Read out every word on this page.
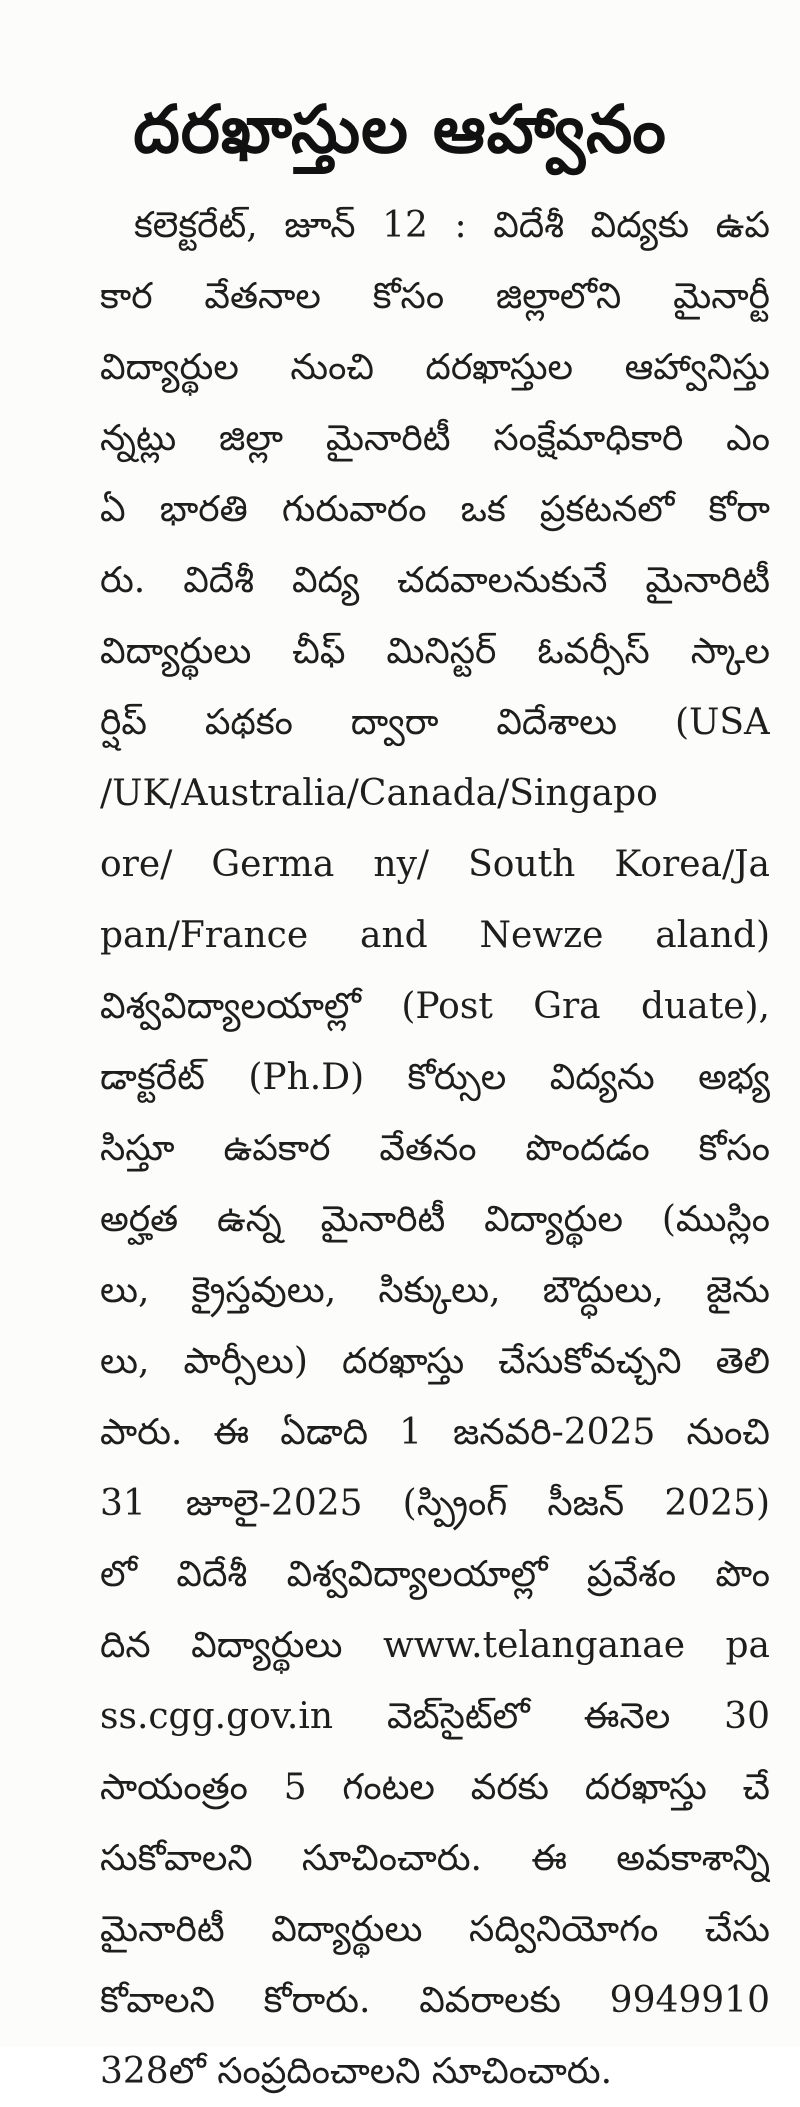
దరఖాస్తుల ఆహ్వానం
కలెక్టరేట్, జూన్ 12 : విదేశీ విద్యకు ఉప
కార వేతనాల కోసం జిల్లాలోని మైనార్టీ
విద్యార్థుల నుంచి దరఖాస్తుల ఆహ్వానిస్తు
న్నట్లు జిల్లా మైనారిటీ సంక్షేమాధికారి ఎం
ఏ భారతి గురువారం ఒక ప్రకటనలో కోరా
రు. విదేశీ విద్య చదవాలనుకునే మైనారిటీ
విద్యార్థులు చీఫ్ మినిస్టర్ ఓవర్సీస్ స్కాల
ర్షిప్ పథకం ద్వారా విదేశాలు (USA
/UK/Australia/Canada/Singapo
ore/ Germa ny/ South Korea/Ja
pan/France and Newze aland)
విశ్వవిద్యాలయాల్లో (Post Gra duate),
డాక్టరేట్ (Ph.D) కోర్సుల విద్యను అభ్య
సిస్తూ ఉపకార వేతనం పొందడం కోసం
అర్హత ఉన్న మైనారిటీ విద్యార్థుల (ముస్లిం
లు, క్రైస్తవులు, సిక్కులు, బౌద్ధులు, జైను
లు, పార్సీలు) దరఖాస్తు చేసుకోవచ్చని తెలి
పారు. ఈ ఏడాది 1 జనవరి-2025 నుంచి
31 జూలై-2025 (స్ప్రింగ్ సీజన్ 2025)
లో విదేశీ విశ్వవిద్యాలయాల్లో ప్రవేశం పొం
దిన విద్యార్థులు www.telanganae pa
ss.cgg.gov.in వెబ్‌సైట్‌లో ఈనెల 30
సాయంత్రం 5 గంటల వరకు దరఖాస్తు చే
సుకోవాలని సూచించారు. ఈ అవకాశాన్ని
మైనారిటీ విద్యార్థులు సద్వినియోగం చేసు
కోవాలని కోరారు. వివరాలకు 9949910
328లో సంప్రదించాలని సూచించారు.
